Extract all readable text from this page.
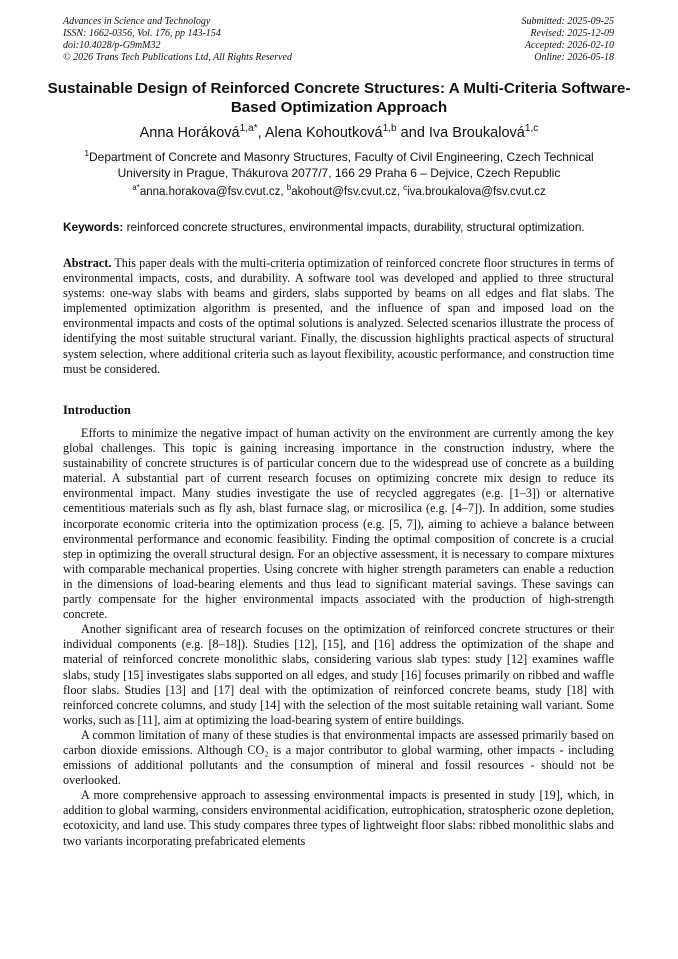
Advances in Science and Technology
ISSN: 1662-0356, Vol. 176, pp 143-154
doi:10.4028/p-G9mM32
© 2026 Trans Tech Publications Ltd, All Rights Reserved
Submitted: 2025-09-25
Revised: 2025-12-09
Accepted: 2026-02-10
Online: 2026-05-18
Sustainable Design of Reinforced Concrete Structures: A Multi-Criteria Software-Based Optimization Approach
Anna Horáková$^{1,a*}$, Alena Kohoutková$^{1,b}$ and Iva Broukalová$^{1,c}$
$^1$Department of Concrete and Masonry Structures, Faculty of Civil Engineering, Czech Technical University in Prague, Thákurova 2077/7, 166 29 Praha 6 – Dejvice, Czech Republic
$^{a*}$anna.horakova@fsv.cvut.cz, $^b$akohout@fsv.cvut.cz, $^c$iva.broukalova@fsv.cvut.cz
Keywords: reinforced concrete structures, environmental impacts, durability, structural optimization.

Abstract. This paper deals with the multi-criteria optimization of reinforced concrete floor structures in terms of environmental impacts, costs, and durability. A software tool was developed and applied to three structural systems: one-way slabs with beams and girders, slabs supported by beams on all edges and flat slabs. The implemented optimization algorithm is presented, and the influence of span and imposed load on the environmental impacts and costs of the optimal solutions is analyzed. Selected scenarios illustrate the process of identifying the most suitable structural variant. Finally, the discussion highlights practical aspects of structural system selection, where additional criteria such as layout flexibility, acoustic performance, and construction time must be considered.

Introduction

Efforts to minimize the negative impact of human activity on the environment are currently among the key global challenges. This topic is gaining increasing importance in the construction industry, where the sustainability of concrete structures is of particular concern due to the widespread use of concrete as a building material. A substantial part of current research focuses on optimizing concrete mix design to reduce its environmental impact. Many studies investigate the use of recycled aggregates (e.g. [1–3]) or alternative cementitious materials such as fly ash, blast furnace slag, or microsilica (e.g. [4–7]). In addition, some studies incorporate economic criteria into the optimization process (e.g. [5, 7]), aiming to achieve a balance between environmental performance and economic feasibility. Finding the optimal composition of concrete is a crucial step in optimizing the overall structural design. For an objective assessment, it is necessary to compare mixtures with comparable mechanical properties. Using concrete with higher strength parameters can enable a reduction in the dimensions of load-bearing elements and thus lead to significant material savings. These savings can partly compensate for the higher environmental impacts associated with the production of high-strength concrete.

Another significant area of research focuses on the optimization of reinforced concrete structures or their individual components (e.g. [8–18]). Studies [12], [15], and [16] address the optimization of the shape and material of reinforced concrete monolithic slabs, considering various slab types: study [12] examines waffle slabs, study [15] investigates slabs supported on all edges, and study [16] focuses primarily on ribbed and waffle floor slabs. Studies [13] and [17] deal with the optimization of reinforced concrete beams, study [18] with reinforced concrete columns, and study [14] with the selection of the most suitable retaining wall variant. Some works, such as [11], aim at optimizing the load-bearing system of entire buildings.

A common limitation of many of these studies is that environmental impacts are assessed primarily based on carbon dioxide emissions. Although CO₂ is a major contributor to global warming, other impacts - including emissions of additional pollutants and the consumption of mineral and fossil resources - should not be overlooked.

A more comprehensive approach to assessing environmental impacts is presented in study [19], which, in addition to global warming, considers environmental acidification, eutrophication, stratospheric ozone depletion, ecotoxicity, and land use. This study compares three types of lightweight floor slabs: ribbed monolithic slabs and two variants incorporating prefabricated elements
